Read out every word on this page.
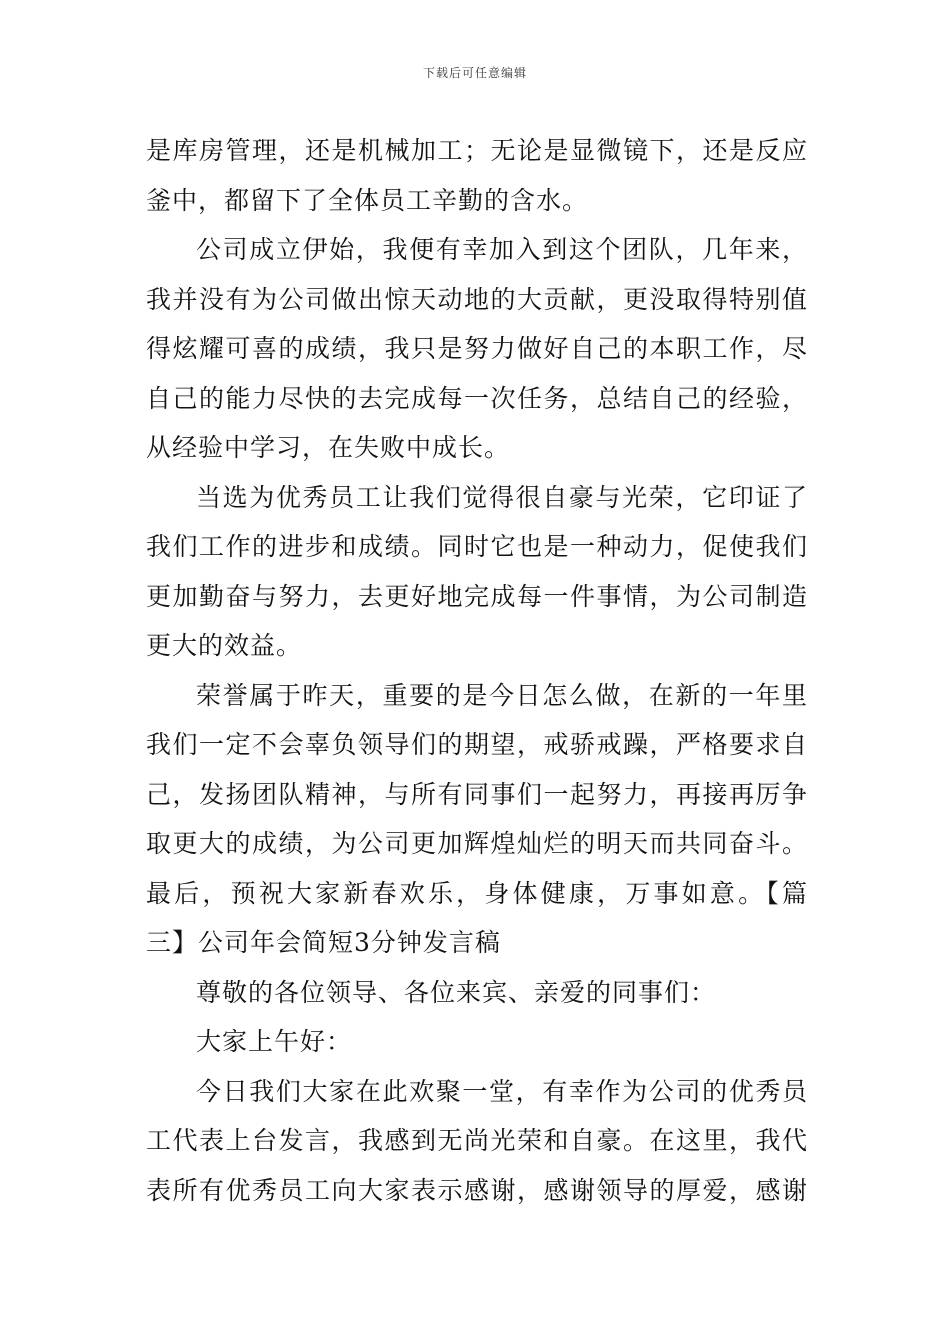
下载后可任意编辑
是库房管理，还是机械加工；无论是显微镜下，还是反应
釜中，都留下了全体员工辛勤的含水。
公司成立伊始，我便有幸加入到这个团队，几年来，
我并没有为公司做出惊天动地的大贡献，更没取得特别值
得炫耀可喜的成绩，我只是努力做好自己的本职工作，尽
自己的能力尽快的去完成每一次任务，总结自己的经验，
从经验中学习，在失败中成长。
当选为优秀员工让我们觉得很自豪与光荣，它印证了
我们工作的进步和成绩。同时它也是一种动力，促使我们
更加勤奋与努力，去更好地完成每一件事情，为公司制造
更大的效益。
荣誉属于昨天，重要的是今日怎么做，在新的一年里
我们一定不会辜负领导们的期望，戒骄戒躁，严格要求自
己，发扬团队精神，与所有同事们一起努力，再接再厉争
取更大的成绩，为公司更加辉煌灿烂的明天而共同奋斗。
最后，预祝大家新春欢乐，身体健康，万事如意。【篇
三】公司年会简短3分钟发言稿
尊敬的各位领导、各位来宾、亲爱的同事们：
大家上午好：
今日我们大家在此欢聚一堂，有幸作为公司的优秀员
工代表上台发言，我感到无尚光荣和自豪。在这里，我代
表所有优秀员工向大家表示感谢，感谢领导的厚爱，感谢
